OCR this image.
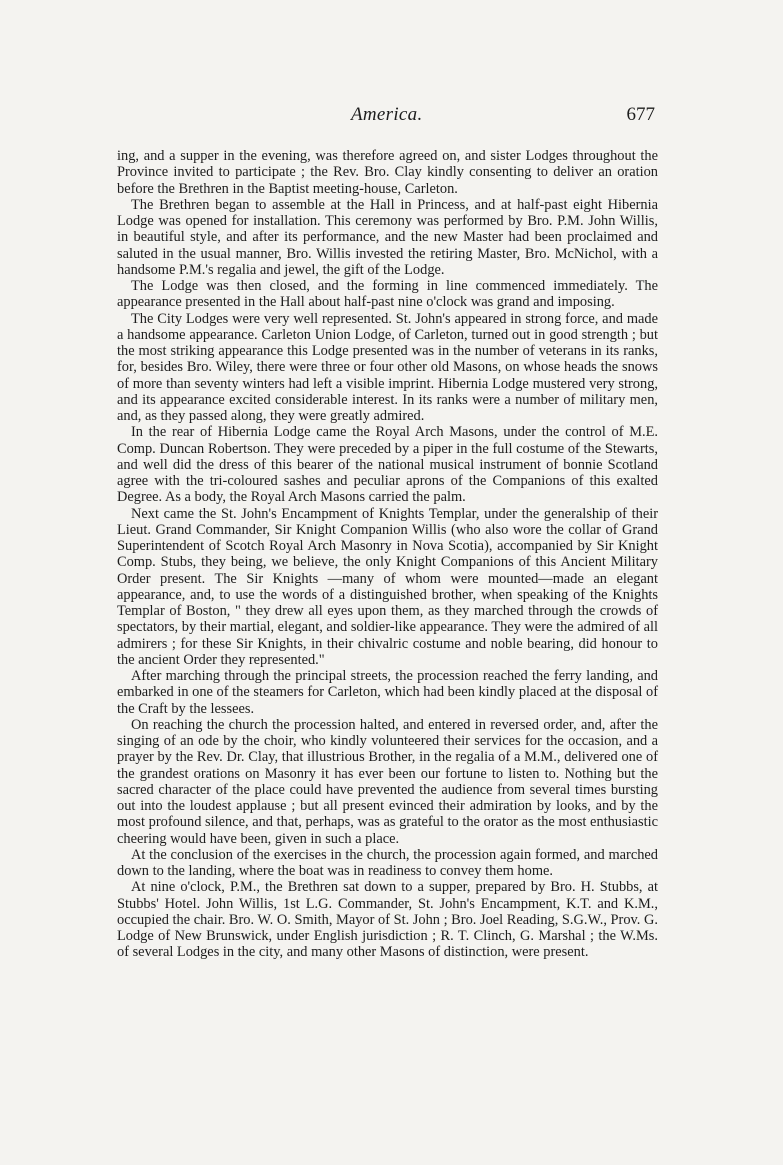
America.	677

ing, and a supper in the evening, was therefore agreed on, and sister Lodges throughout the Province invited to participate ; the Rev. Bro. Clay kindly consenting to deliver an oration before the Brethren in the Baptist meeting-house, Carleton.

The Brethren began to assemble at the Hall in Princess, and at half-past eight Hibernia Lodge was opened for installation. This ceremony was performed by Bro. P.M. John Willis, in beautiful style, and after its performance, and the new Master had been proclaimed and saluted in the usual manner, Bro. Willis invested the retiring Master, Bro. McNichol, with a handsome P.M.'s regalia and jewel, the gift of the Lodge.

The Lodge was then closed, and the forming in line commenced immediately. The appearance presented in the Hall about half-past nine o'clock was grand and imposing.

The City Lodges were very well represented. St. John's appeared in strong force, and made a handsome appearance. Carleton Union Lodge, of Carleton, turned out in good strength ; but the most striking appearance this Lodge presented was in the number of veterans in its ranks, for, besides Bro. Wiley, there were three or four other old Masons, on whose heads the snows of more than seventy winters had left a visible imprint. Hibernia Lodge mustered very strong, and its appearance excited considerable interest. In its ranks were a number of military men, and, as they passed along, they were greatly admired.

In the rear of Hibernia Lodge came the Royal Arch Masons, under the control of M.E. Comp. Duncan Robertson. They were preceded by a piper in the full costume of the Stewarts, and well did the dress of this bearer of the national musical instrument of bonnie Scotland agree with the tri-coloured sashes and peculiar aprons of the Companions of this exalted Degree. As a body, the Royal Arch Masons carried the palm.

Next came the St. John's Encampment of Knights Templar, under the generalship of their Lieut. Grand Commander, Sir Knight Companion Willis (who also wore the collar of Grand Superintendent of Scotch Royal Arch Masonry in Nova Scotia), accompanied by Sir Knight Comp. Stubs, they being, we believe, the only Knight Companions of this Ancient Military Order present. The Sir Knights —many of whom were mounted—made an elegant appearance, and, to use the words of a distinguished brother, when speaking of the Knights Templar of Boston, " they drew all eyes upon them, as they marched through the crowds of spectators, by their martial, elegant, and soldier-like appearance. They were the admired of all admirers ; for these Sir Knights, in their chivalric costume and noble bearing, did honour to the ancient Order they represented."

After marching through the principal streets, the procession reached the ferry landing, and embarked in one of the steamers for Carleton, which had been kindly placed at the disposal of the Craft by the lessees.

On reaching the church the procession halted, and entered in reversed order, and, after the singing of an ode by the choir, who kindly volunteered their services for the occasion, and a prayer by the Rev. Dr. Clay, that illustrious Brother, in the regalia of a M.M., delivered one of the grandest orations on Masonry it has ever been our fortune to listen to. Nothing but the sacred character of the place could have prevented the audience from several times bursting out into the loudest applause ; but all present evinced their admiration by looks, and by the most profound silence, and that, perhaps, was as grateful to the orator as the most enthusiastic cheering would have been, given in such a place.

At the conclusion of the exercises in the church, the procession again formed, and marched down to the landing, where the boat was in readiness to convey them home.

At nine o'clock, P.M., the Brethren sat down to a supper, prepared by Bro. H. Stubbs, at Stubbs' Hotel. John Willis, 1st L.G. Commander, St. John's Encampment, K.T. and K.M., occupied the chair. Bro. W. O. Smith, Mayor of St. John ; Bro. Joel Reading, S.G.W., Prov. G. Lodge of New Brunswick, under English jurisdiction ; R. T. Clinch, G. Marshal ; the W.Ms. of several Lodges in the city, and many other Masons of distinction, were present.
